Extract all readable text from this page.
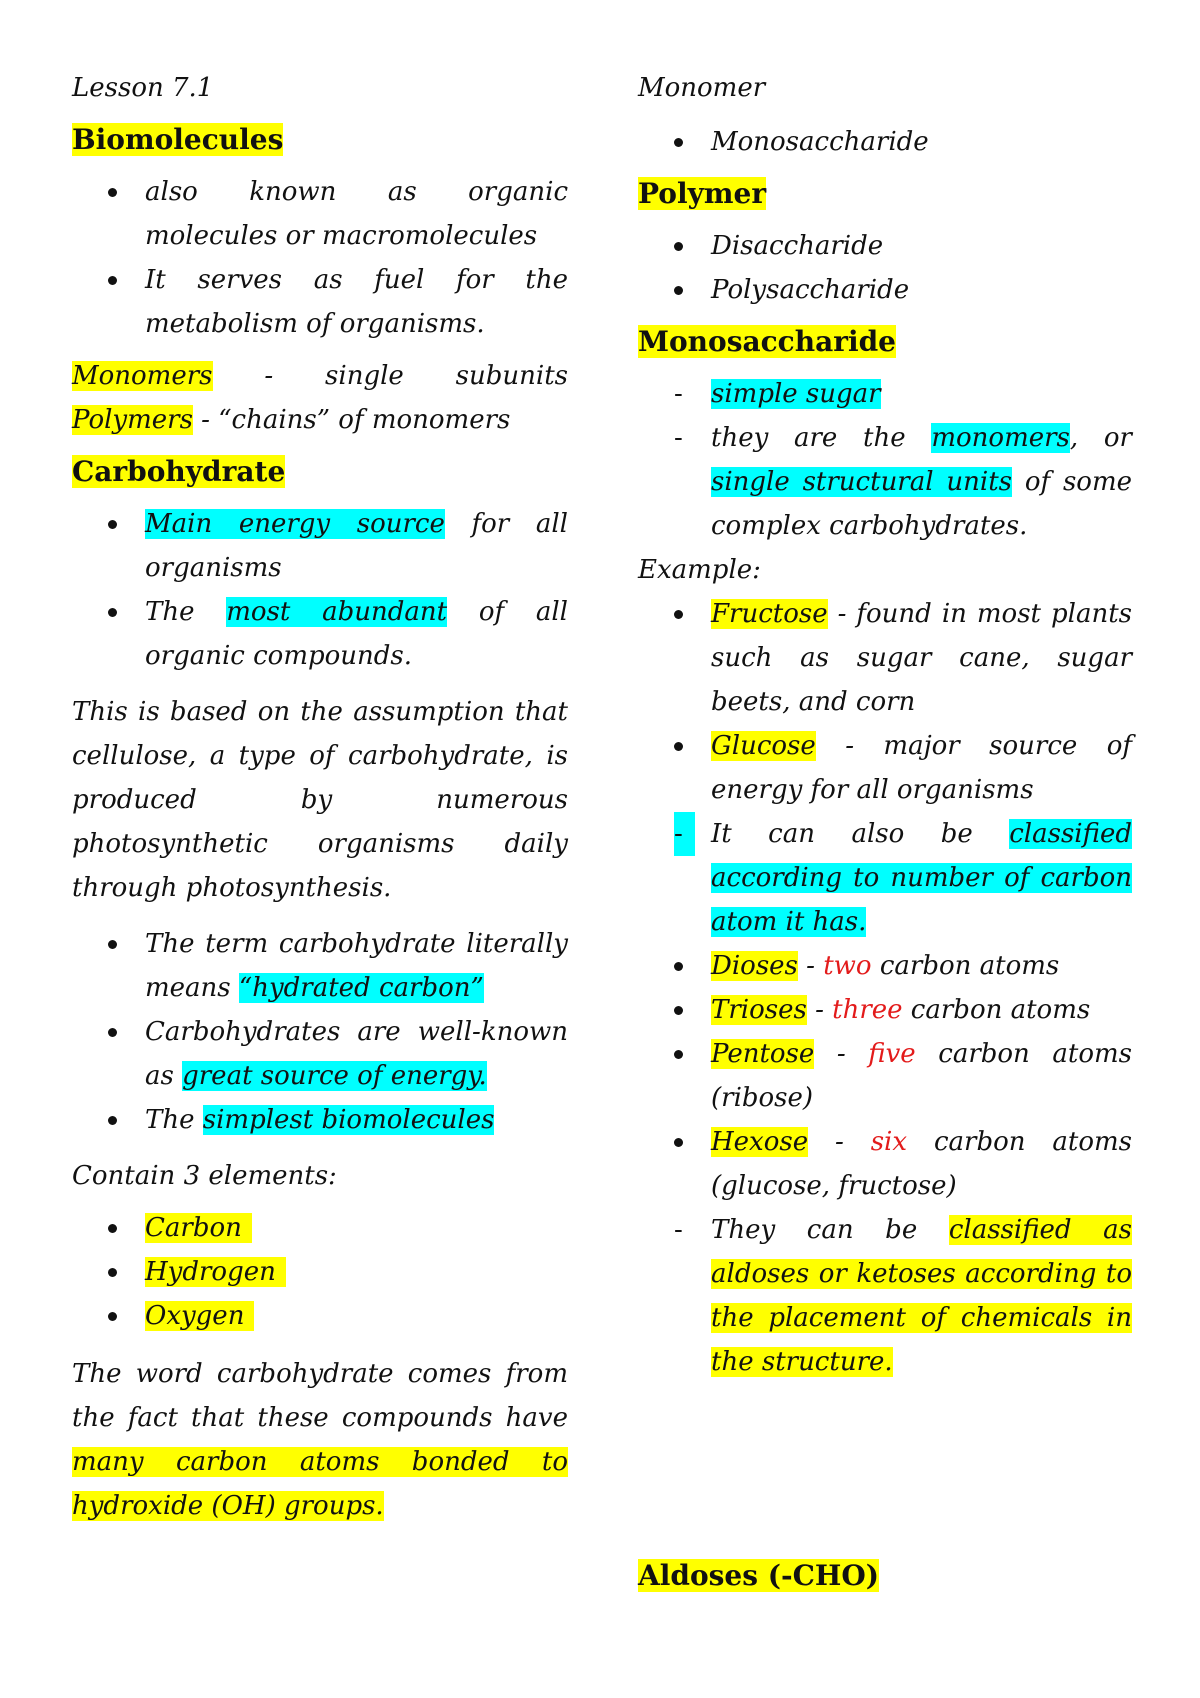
Lesson 7.1
Biomolecules
also known as organic molecules or macromolecules
It serves as fuel for the metabolism of organisms.
Monomers - single subunits
Polymers - “chains” of monomers
Carbohydrate
Main energy source for all organisms
The most abundant of all organic compounds.
This is based on the assumption that cellulose, a type of carbohydrate, is produced by numerous photosynthetic organisms daily through photosynthesis.
The term carbohydrate literally means “hydrated carbon”
Carbohydrates are well-known as great source of energy.
The simplest biomolecules
Contain 3 elements:
Carbon
Hydrogen
Oxygen
The word carbohydrate comes from the fact that these compounds have many carbon atoms bonded to hydroxide (OH) groups.
Monomer
Monosaccharide
Polymer
Disaccharide
Polysaccharide
Monosaccharide
- simple sugar
- they are the monomers, or single structural units of some complex carbohydrates.
Example:
Fructose - found in most plants such as sugar cane, sugar beets, and corn
Glucose - major source of energy for all organisms
- It can also be classified according to number of carbon atom it has.
Dioses - two carbon atoms
Trioses - three carbon atoms
Pentose - five carbon atoms (ribose)
Hexose - six carbon atoms (glucose, fructose)
- They can be classified as aldoses or ketoses according to the placement of chemicals in the structure.
Aldoses (-CHO)
